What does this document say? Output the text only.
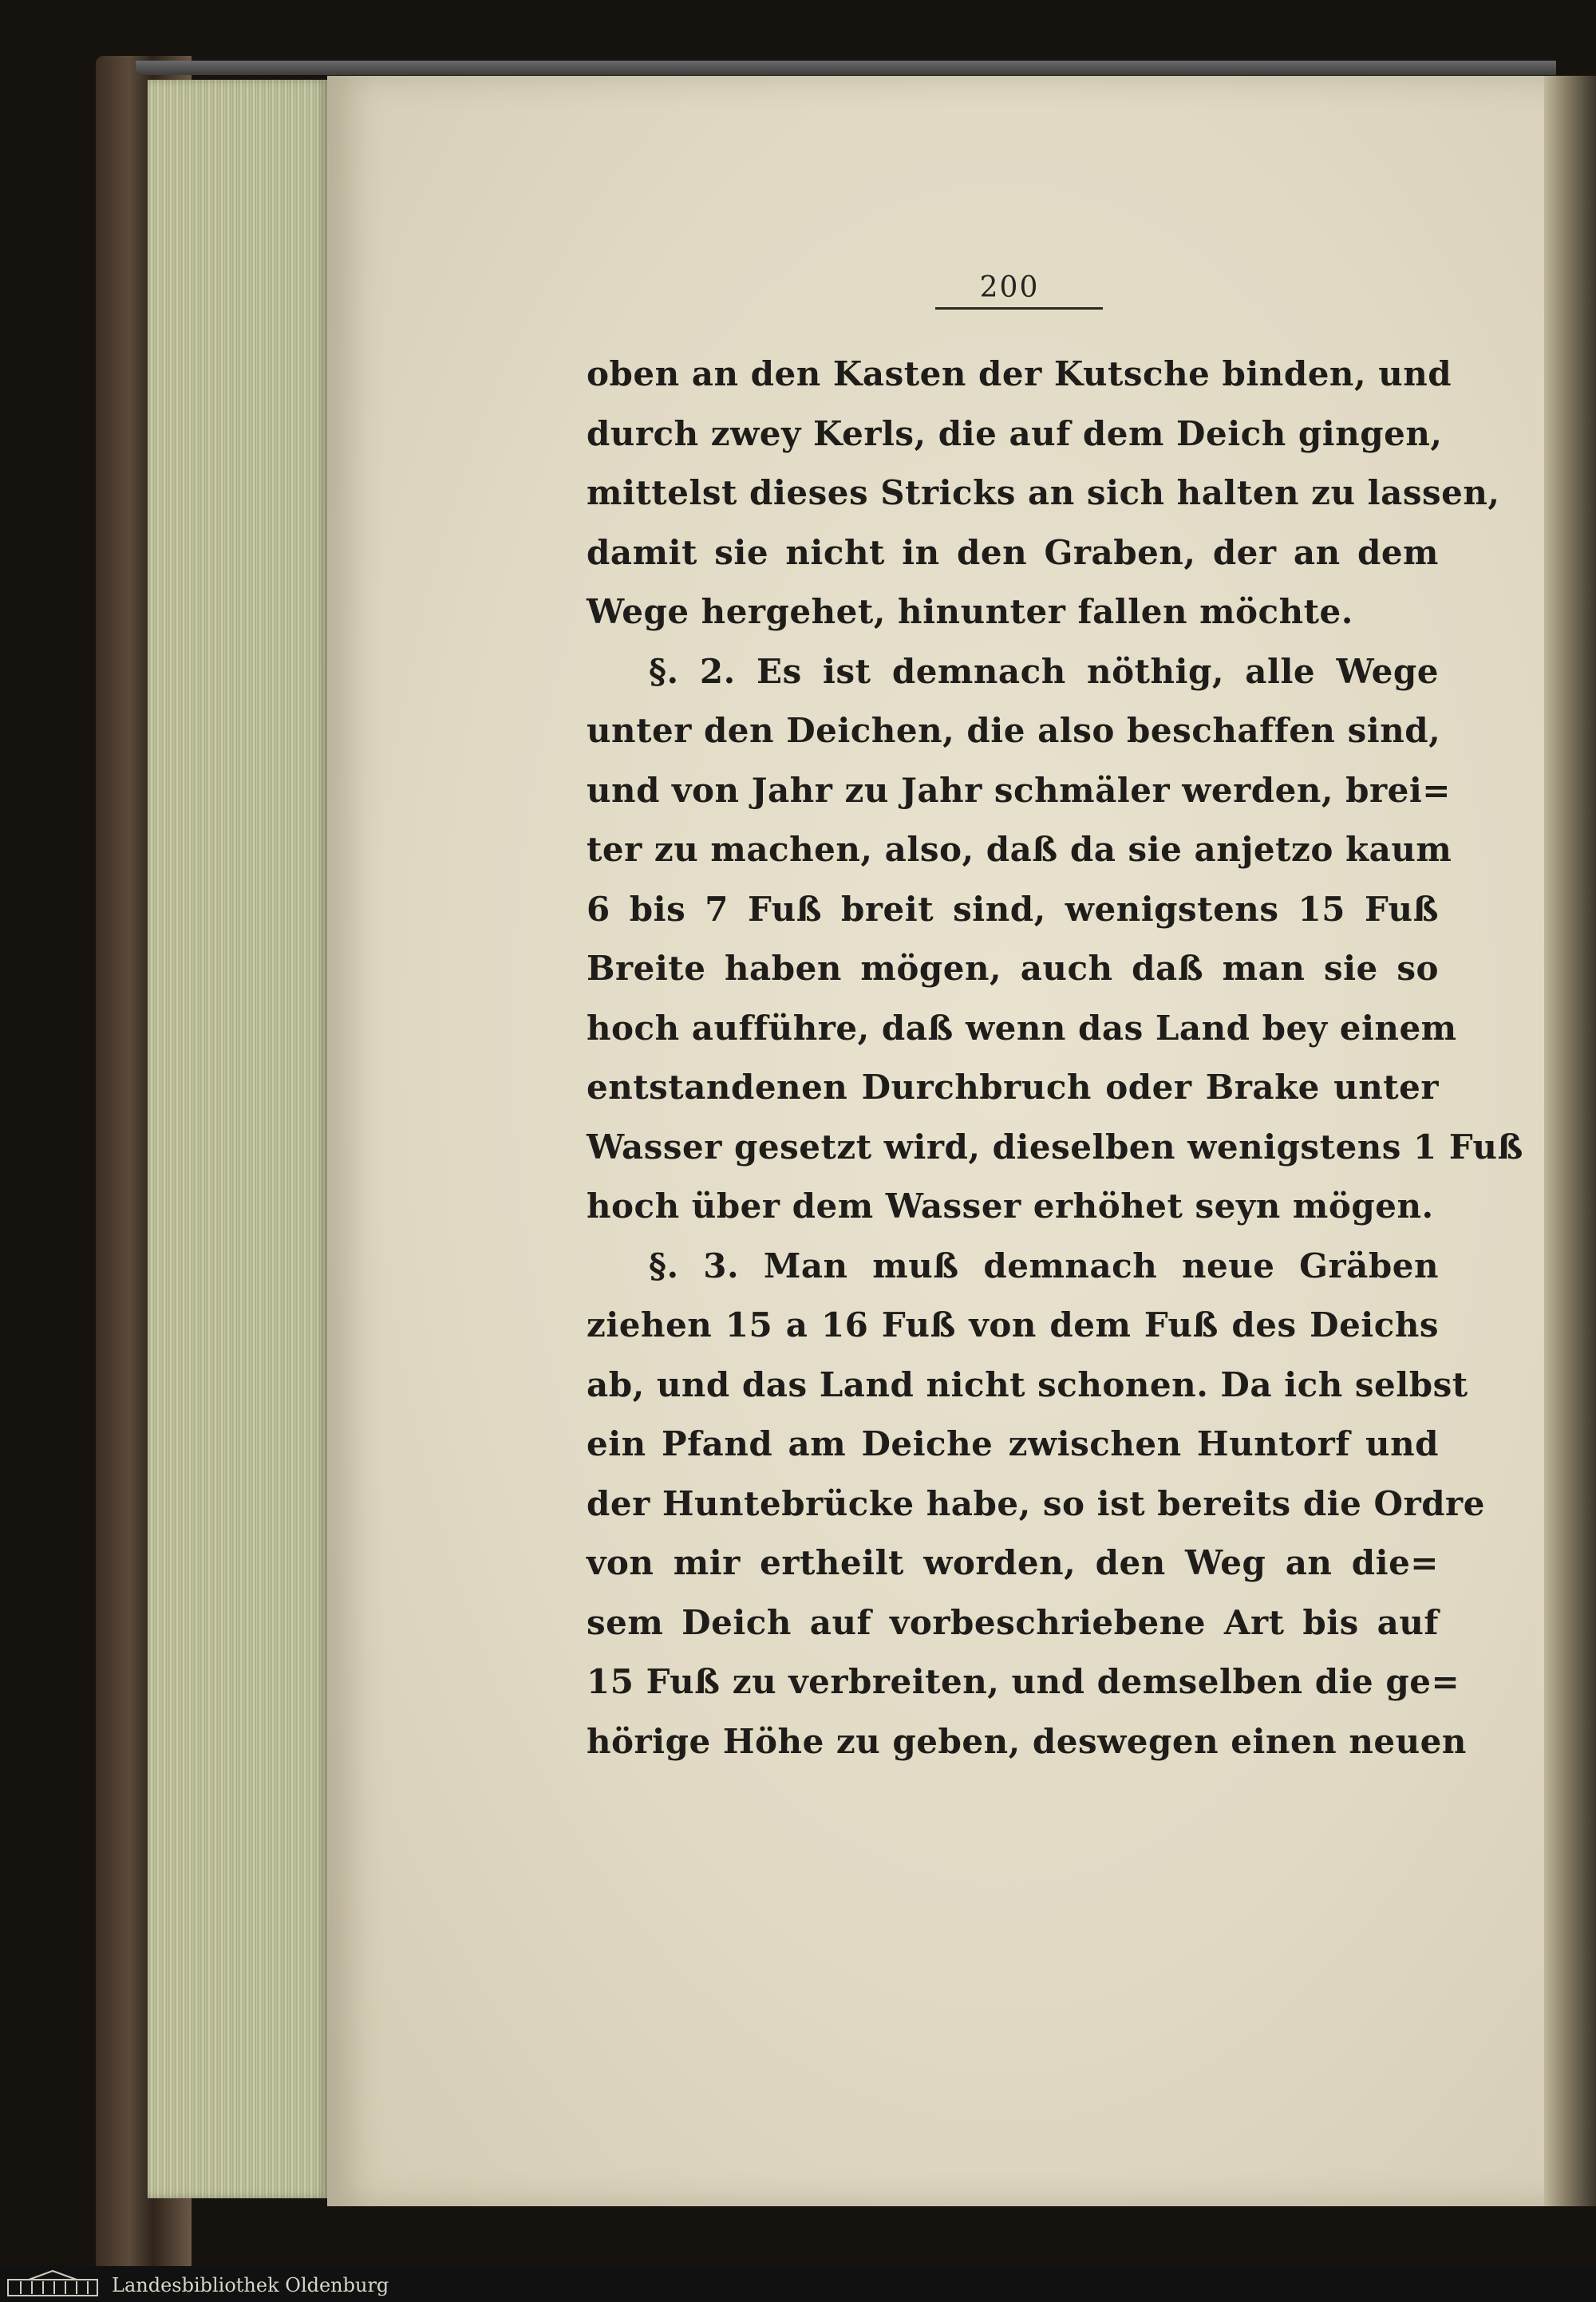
200
oben an den Kasten der Kutsche binden, und
durch zwey Kerls, die auf dem Deich gingen,
mittelst dieses Stricks an sich halten zu lassen,
damit sie nicht in den Graben, der an dem
Wege hergehet, hinunter fallen möchte.
§. 2. Es ist demnach nöthig, alle Wege
unter den Deichen, die also beschaffen sind,
und von Jahr zu Jahr schmäler werden, brei=
ter zu machen, also, daß da sie anjetzo kaum
6 bis 7 Fuß breit sind, wenigstens 15 Fuß
Breite haben mögen, auch daß man sie so
hoch aufführe, daß wenn das Land bey einem
entstandenen Durchbruch oder Brake unter
Wasser gesetzt wird, dieselben wenigstens 1 Fuß
hoch über dem Wasser erhöhet seyn mögen.
§. 3. Man muß demnach neue Gräben
ziehen 15 a 16 Fuß von dem Fuß des Deichs
ab, und das Land nicht schonen. Da ich selbst
ein Pfand am Deiche zwischen Huntorf und
der Huntebrücke habe, so ist bereits die Ordre
von mir ertheilt worden, den Weg an die=
sem Deich auf vorbeschriebene Art bis auf
15 Fuß zu verbreiten, und demselben die ge=
hörige Höhe zu geben, deswegen einen neuen
Landesbibliothek Oldenburg
